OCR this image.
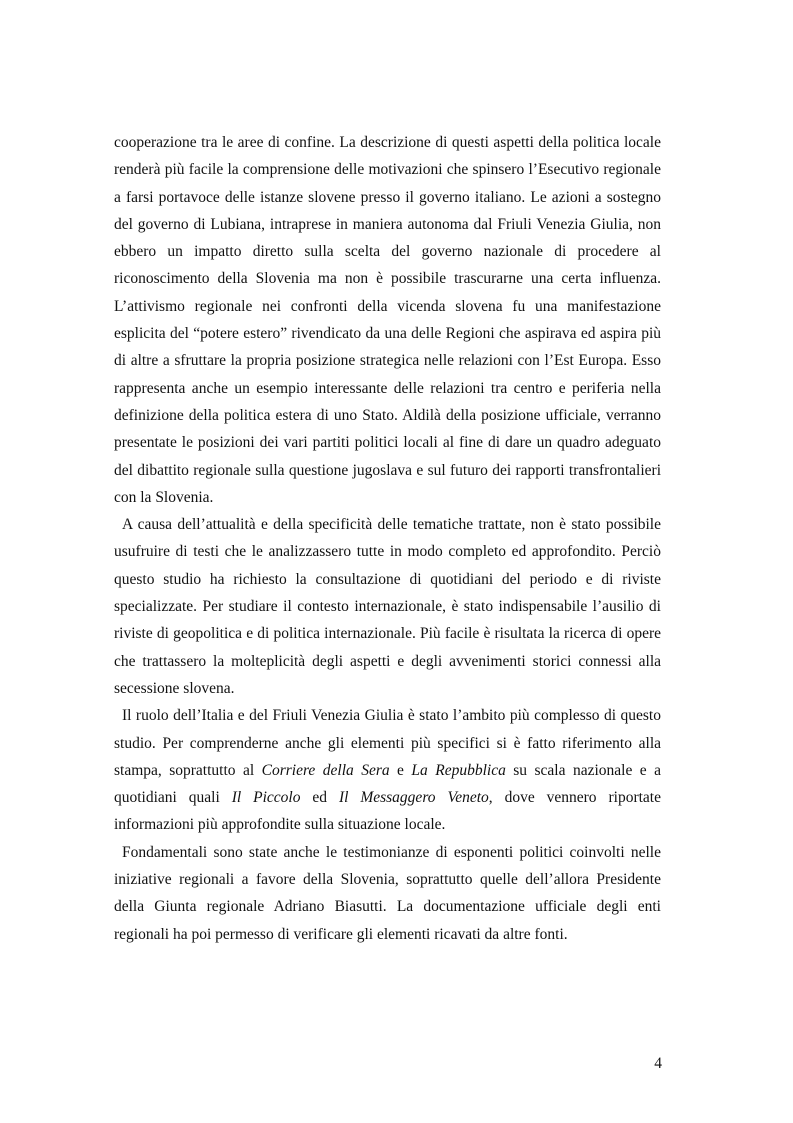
cooperazione tra le aree di confine. La descrizione di questi aspetti della politica locale renderà più facile la comprensione delle motivazioni che spinsero l’Esecutivo regionale a farsi portavoce delle istanze slovene presso il governo italiano. Le azioni a sostegno del governo di Lubiana, intraprese in maniera autonoma dal Friuli Venezia Giulia, non ebbero un impatto diretto sulla scelta del governo nazionale di procedere al riconoscimento della Slovenia ma non è possibile trascurarne una certa influenza. L’attivismo regionale nei confronti della vicenda slovena fu una manifestazione esplicita del “potere estero” rivendicato da una delle Regioni che aspirava ed aspira più di altre a sfruttare la propria posizione strategica nelle relazioni con l’Est Europa. Esso rappresenta anche un esempio interessante delle relazioni tra centro e periferia nella definizione della politica estera di uno Stato. Aldilà della posizione ufficiale, verranno presentate le posizioni dei vari partiti politici locali al fine di dare un quadro adeguato del dibattito regionale sulla questione jugoslava e sul futuro dei rapporti transfrontalieri con la Slovenia.

A causa dell’attualità e della specificità delle tematiche trattate, non è stato possibile usufruire di testi che le analizzassero tutte in modo completo ed approfondito. Perciò questo studio ha richiesto la consultazione di quotidiani del periodo e di riviste specializzate. Per studiare il contesto internazionale, è stato indispensabile l’ausilio di riviste di geopolitica e di politica internazionale. Più facile è risultata la ricerca di opere che trattassero la molteplicità degli aspetti e degli avvenimenti storici connessi alla secessione slovena.

Il ruolo dell’Italia e del Friuli Venezia Giulia è stato l’ambito più complesso di questo studio. Per comprenderne anche gli elementi più specifici si è fatto riferimento alla stampa, soprattutto al Corriere della Sera e La Repubblica su scala nazionale e a quotidiani quali Il Piccolo ed Il Messaggero Veneto, dove vennero riportate informazioni più approfondite sulla situazione locale.

Fondamentali sono state anche le testimonianze di esponenti politici coinvolti nelle iniziative regionali a favore della Slovenia, soprattutto quelle dell’allora Presidente della Giunta regionale Adriano Biasutti. La documentazione ufficiale degli enti regionali ha poi permesso di verificare gli elementi ricavati da altre fonti.

4
